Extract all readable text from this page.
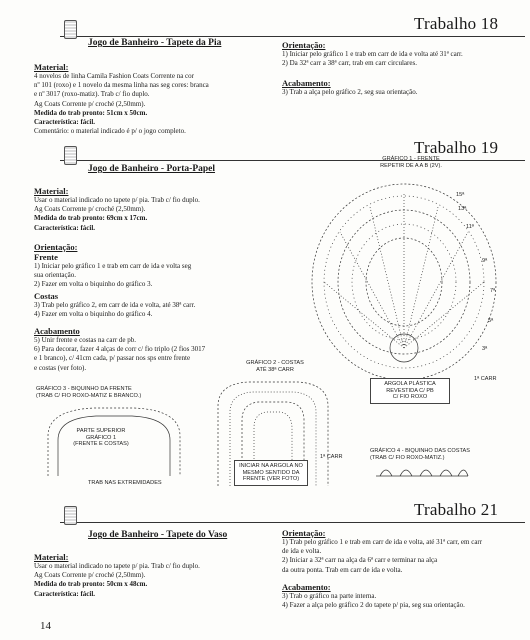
Trabalho 18
Jogo de Banheiro - Tapete da Pia
Material:
4 novelos de linha Camila Fashion Coats Corrente na cor
nº 101 (roxo) e 1 novelo da mesma linha nas seg cores: branca
e nº 3017 (roxo-matiz). Trab c/ fio duplo.
Ag Coats Corrente p/ croché (2,50mm).
Medida do trab pronto: 51cm x 50cm.
Característica: fácil.
Comentário: o material indicado é p/ o jogo completo.
Orientação:
1) Iniciar pelo gráfico 1 e trab em carr de ida e volta até 31ª carr.
2) Da 32ª carr a 38ª carr, trab em carr circulares.
Acabamento:
3) Trab a alça pelo gráfico 2, seg sua orientação.
Trabalho 19
Jogo de Banheiro - Porta-Papel
Material:
Usar o material indicado no tapete p/ pia. Trab c/ fio duplo.
Ag Coats Corrente p/ croché (2,50mm).
Medida do trab pronto: 69cm x 17cm.
Característica: fácil.
Orientação:
Frente
1) Iniciar pelo gráfico 1 e trab em carr de ida e volta seg
sua orientação.
2) Fazer em volta o biquinho do gráfico 3.
Costas
3) Trab pelo gráfico 2, em carr de ida e volta, até 38ª carr.
4) Fazer em volta o biquinho do gráfico 4.
Acabamento
5) Unir frente e costas na carr de pb.
6) Para decorar, fazer 4 alças de corr c/ fio triplo (2 fios 3017
e 1 branco), c/ 41cm cada, p/ passar nos sps entre frente
e costas (ver foto).
GRÁFICO 1 - FRENTE
REPETIR DE A A B (2V).
15ª
13ª
11ª
9ª
7ª
5ª
3ª
1ª CARR
ARGOLA PLÁSTICA
REVESTIDA C/ PB
C/ FIO ROXO
GRÁFICO 2 - COSTAS
ATÉ 38ª CARR
INICIAR NA ARGOLA NO
MESMO SENTIDO DA
FRENTE (VER FOTO)
1ª CARR
GRÁFICO 3 - BIQUINHO DA FRENTE
(TRAB C/ FIO ROXO-MATIZ E BRANCO.)
PARTE SUPERIOR
GRÁFICO 1
(FRENTE E COSTAS)
TRAB NAS EXTREMIDADES
GRÁFICO 4 - BIQUINHO DAS COSTAS
(TRAB C/ FIO ROXO-MATIZ.)
Trabalho 21
Jogo de Banheiro - Tapete do Vaso
Material:
Usar o material indicado no tapete p/ pia. Trab c/ fio duplo.
Ag Coats Corrente p/ croché (2,50mm).
Medida do trab pronto: 50cm x 48cm.
Característica: fácil.
Orientação:
1) Trab pelo gráfico 1 e trab em carr de ida e volta, até 31ª carr, em carr
de ida e volta.
2) Iniciar a 32ª carr na alça da 6ª carr e terminar na alça
da outra ponta. Trab em carr de ida e volta.
Acabamento:
3) Trab o gráfico na parte interna.
4) Fazer a alça pelo gráfico 2 do tapete p/ pia, seg sua orientação.
14
